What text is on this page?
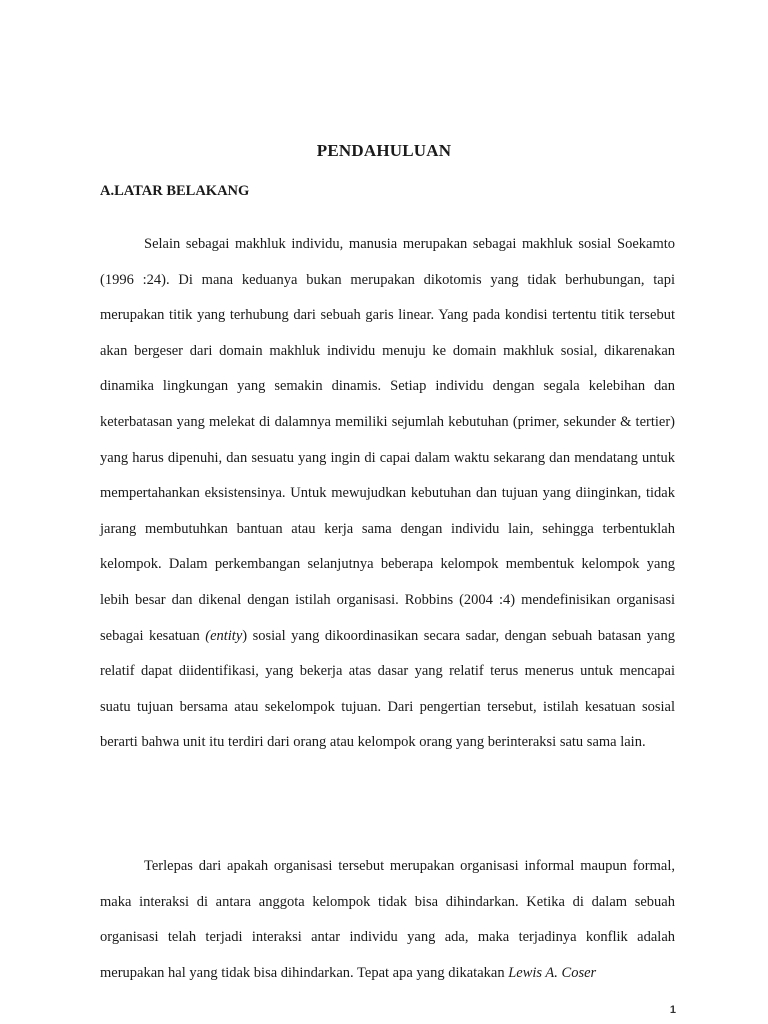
PENDAHULUAN
A.LATAR BELAKANG

Selain sebagai makhluk individu, manusia merupakan sebagai makhluk sosial Soekamto (1996 :24). Di mana keduanya bukan merupakan dikotomis yang tidak berhubungan, tapi merupakan titik yang terhubung dari sebuah garis linear. Yang pada kondisi tertentu titik tersebut akan bergeser dari domain makhluk individu menuju ke domain makhluk sosial, dikarenakan dinamika lingkungan yang semakin dinamis. Setiap individu dengan segala kelebihan dan keterbatasan yang melekat di dalamnya memiliki sejumlah kebutuhan (primer, sekunder & tertier) yang harus dipenuhi, dan sesuatu yang ingin di capai dalam waktu sekarang dan mendatang untuk mempertahankan eksistensinya. Untuk mewujudkan kebutuhan dan tujuan yang diinginkan, tidak jarang membutuhkan bantuan atau kerja sama dengan individu lain, sehingga terbentuklah kelompok. Dalam perkembangan selanjutnya beberapa kelompok membentuk kelompok yang lebih besar dan dikenal dengan istilah organisasi. Robbins (2004 :4) mendefinisikan organisasi sebagai kesatuan (entity) sosial yang dikoordinasikan secara sadar, dengan sebuah batasan yang relatif dapat diidentifikasi, yang bekerja atas dasar yang relatif terus menerus untuk mencapai suatu tujuan bersama atau sekelompok tujuan. Dari pengertian tersebut, istilah kesatuan sosial berarti bahwa unit itu terdiri dari orang atau kelompok orang yang berinteraksi satu sama lain.

Terlepas dari apakah organisasi tersebut merupakan organisasi informal maupun formal, maka interaksi di antara anggota kelompok tidak bisa dihindarkan. Ketika di dalam sebuah organisasi telah terjadi interaksi antar individu yang ada, maka terjadinya konflik adalah merupakan hal yang tidak bisa dihindarkan. Tepat apa yang dikatakan Lewis A. Coser

1
